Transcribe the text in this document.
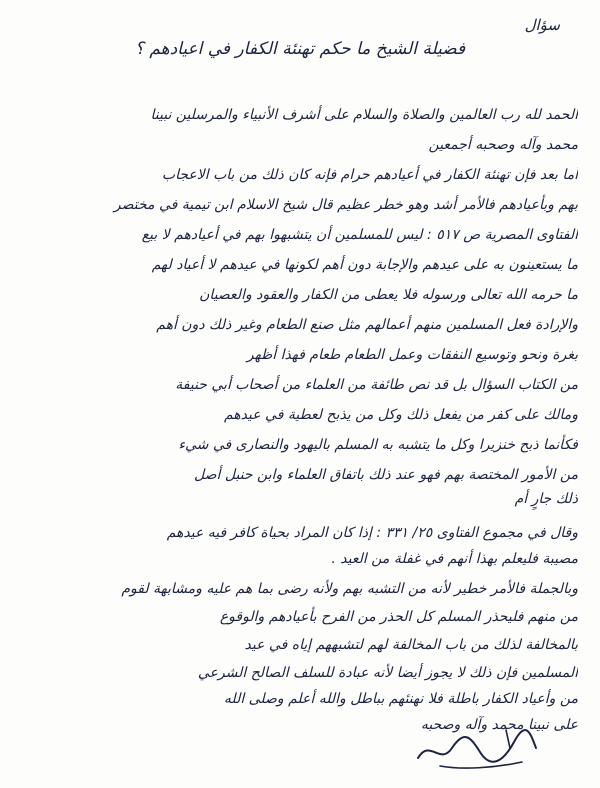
سؤال
فضيلة الشيخ ما حكم تهنئة الكفار في اعيادهم ؟
الحمد لله رب العالمين والصلاة والسلام على أشرف الأنبياء والمرسلين نبينا
محمد وآله وصحبه أجمعين
أما بعد فإن تهنئة الكفار في أعيادهم حرام فإنه كان ذلك من باب الاعجاب
بهم وبأعيادهم فالأمر أشد وهو خطر عظيم قال شيخ الاسلام ابن تيمية في مختصر
الفتاوى المصرية ص ٥١٧ : ليس للمسلمين أن يتشبهوا بهم في أعيادهم لا بيع
ما يستعينون به على عيدهم والإجابة دون أهم لكونها في عيدهم لا أعياد لهم
ما حرمه الله تعالى ورسوله فلا يعطى من الكفار والعقود والعصيان
والإرادة فعل المسلمين منهم أعمالهم مثل صنع الطعام وغير ذلك دون أهم
بغرة ونحو وتوسيع النفقات وعمل الطعام طعام فهذا أظهر
من الكتاب السؤال بل قد نص طائفة من العلماء من أصحاب أبي حنيفة
ومالك على كفر من يفعل ذلك وكل من يذبح لعطية في عيدهم
فكأنما ذبح خنزيرا وكل ما يتشبه به المسلم باليهود والنصارى في شيء
من الأمور المختصة بهم فهو عند ذلك باتفاق العلماء وابن حنبل أصل
ذلك جارٍ أم
وقال في مجموع الفتاوى ٢٥/ ٣٣١ : إذا كان المراد بحياة كافر فيه عيدهم
مصيبة فليعلم بهذا أنهم في غفلة من العيد .
وبالجملة فالأمر خطير لأنه من التشبه بهم ولأنه رضى بما هم عليه ومشابهة لقوم
من منهم فليحذر المسلم كل الحذر من الفرح بأعيادهم والوقوع
بالمخالفة لذلك من باب المخالفة لهم لتشبههم إياه في عيد
المسلمين فإن ذلك لا يجوز أيضا لأنه عبادة للسلف الصالح الشرعي
من وأعياد الكفار باطلة فلا نهنئهم بباطل والله أعلم وصلى الله
على نبينا محمد وآله وصحبه
